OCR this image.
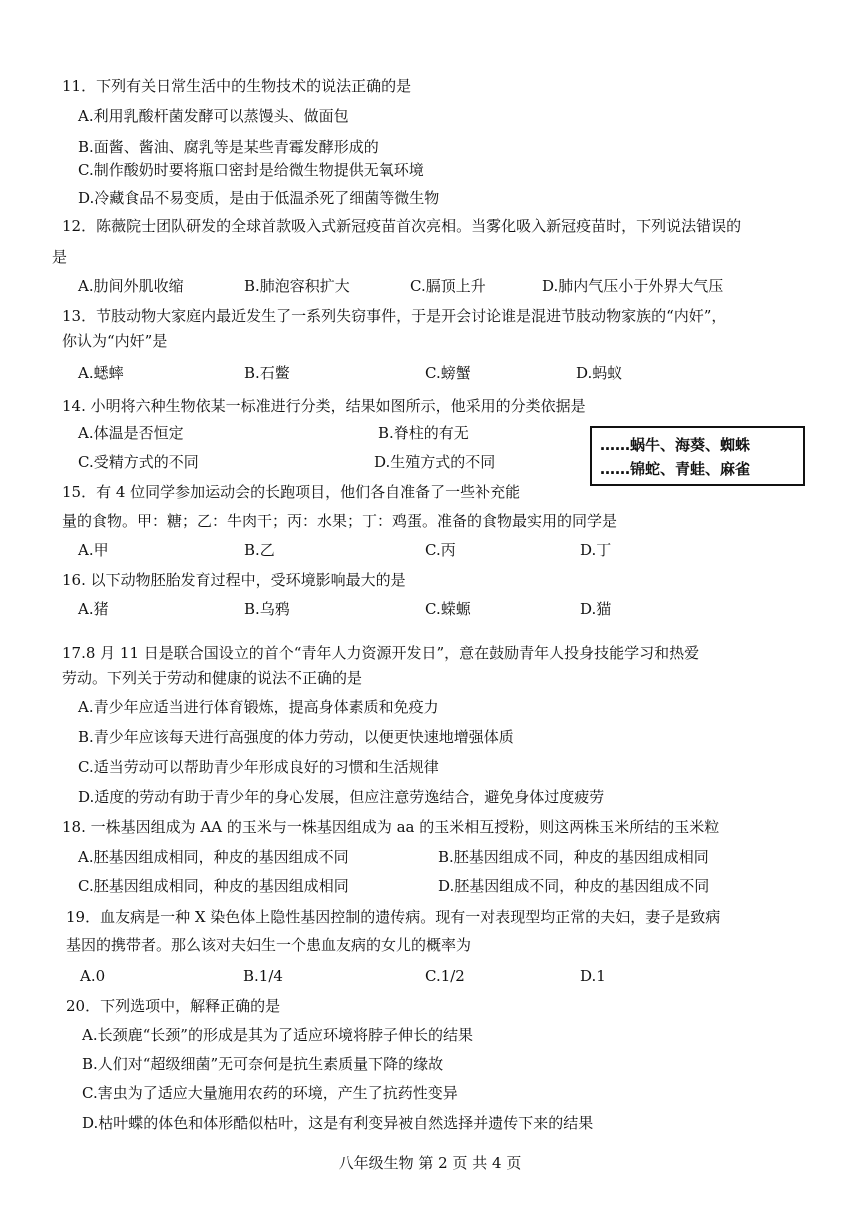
11．下列有关日常生活中的生物技术的说法正确的是
A.利用乳酸杆菌发酵可以蒸馒头、做面包
B.面酱、酱油、腐乳等是某些青霉发酵形成的
C.制作酸奶时要将瓶口密封是给微生物提供无氧环境
D.冷藏食品不易变质，是由于低温杀死了细菌等微生物
12．陈薇院士团队研发的全球首款吸入式新冠疫苗首次亮相。当雾化吸入新冠疫苗时，下列说法错误的
是
A.肋间外肌收缩	B.肺泡容积扩大	C.膈顶上升	D.肺内气压小于外界大气压
13．节肢动物大家庭内最近发生了一系列失窃事件，于是开会讨论谁是混进节肢动物家族的“内奸”，
你认为“内奸”是
A.蟋蟀	B.石鳖	C.螃蟹	D.蚂蚁
14. 小明将六种生物依某一标准进行分类，结果如图所示，他采用的分类依据是
A.体温是否恒定	B.脊柱的有无
C.受精方式的不同	D.生殖方式的不同
……蜗牛、海葵、蜘蛛
……锦蛇、青蛙、麻雀
15．有 4 位同学参加运动会的长跑项目，他们各自准备了一些补充能
量的食物。甲：糖；乙：牛肉干；丙：水果；丁：鸡蛋。准备的食物最实用的同学是
A.甲	B.乙	C.丙	D.丁
16. 以下动物胚胎发育过程中，受环境影响最大的是
A.猪	B.乌鸦	C.蝾螈	D.猫
17.8 月 11 日是联合国设立的首个“青年人力资源开发日”，意在鼓励青年人投身技能学习和热爱
劳动。下列关于劳动和健康的说法不正确的是
A.青少年应适当进行体育锻炼，提高身体素质和免疫力
B.青少年应该每天进行高强度的体力劳动，以便更快速地增强体质
C.适当劳动可以帮助青少年形成良好的习惯和生活规律
D.适度的劳动有助于青少年的身心发展，但应注意劳逸结合，避免身体过度疲劳
18. 一株基因组成为 AA 的玉米与一株基因组成为 aa 的玉米相互授粉，则这两株玉米所结的玉米粒
A.胚基因组成相同，种皮的基因组成不同	B.胚基因组成不同，种皮的基因组成相同
C.胚基因组成相同，种皮的基因组成相同	D.胚基因组成不同，种皮的基因组成不同
19．血友病是一种 X 染色体上隐性基因控制的遗传病。现有一对表现型均正常的夫妇，妻子是致病
基因的携带者。那么该对夫妇生一个患血友病的女儿的概率为
A.0	B.1/4	C.1/2	D.1
20．下列选项中，解释正确的是
A.长颈鹿“长颈”的形成是其为了适应环境将脖子伸长的结果
B.人们对“超级细菌”无可奈何是抗生素质量下降的缘故
C.害虫为了适应大量施用农药的环境，产生了抗药性变异
D.枯叶蝶的体色和体形酷似枯叶，这是有利变异被自然选择并遗传下来的结果
八年级生物 第 2 页 共 4 页
